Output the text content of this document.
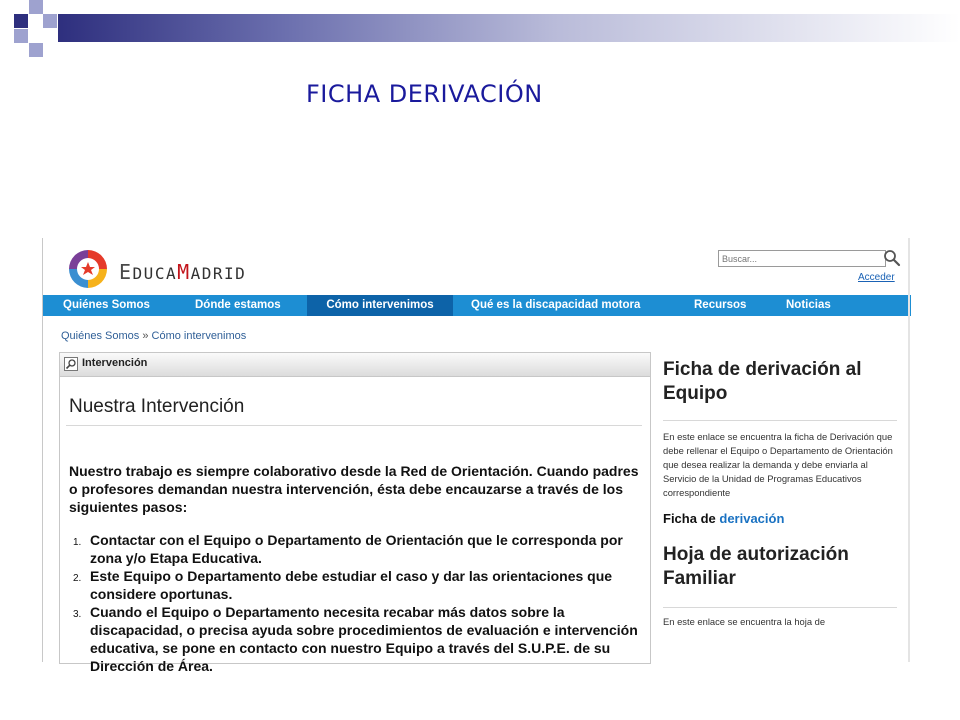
FICHA DERIVACIÓN
EDUCAMADRID
Buscar...	Acceder
Quiénes Somos	Dónde estamos	Cómo intervenimos	Qué es la discapacidad motora	Recursos	Noticias
Quiénes Somos » Cómo intervenimos
Intervención
Nuestra Intervención

Nuestro trabajo es siempre colaborativo desde la Red de Orientación. Cuando padres o profesores demandan nuestra intervención, ésta debe encauzarse a través de los siguientes pasos:

1. Contactar con el Equipo o Departamento de Orientación que le corresponda por zona y/o Etapa Educativa.
2. Este Equipo o Departamento debe estudiar el caso y dar las orientaciones que considere oportunas.
3. Cuando el Equipo o Departamento necesita recabar más datos sobre la discapacidad, o precisa ayuda sobre procedimientos de evaluación e intervención educativa, se pone en contacto con nuestro Equipo a través del S.U.P.E. de su Dirección de Área.
Ficha de derivación al Equipo

En este enlace se encuentra la ficha de Derivación que debe rellenar el Equipo o Departamento de Orientación que desea realizar la demanda y debe enviarla al Servicio de la Unidad de Programas Educativos correspondiente

Ficha de derivación

Hoja de autorización Familiar

En este enlace se encuentra la hoja de
